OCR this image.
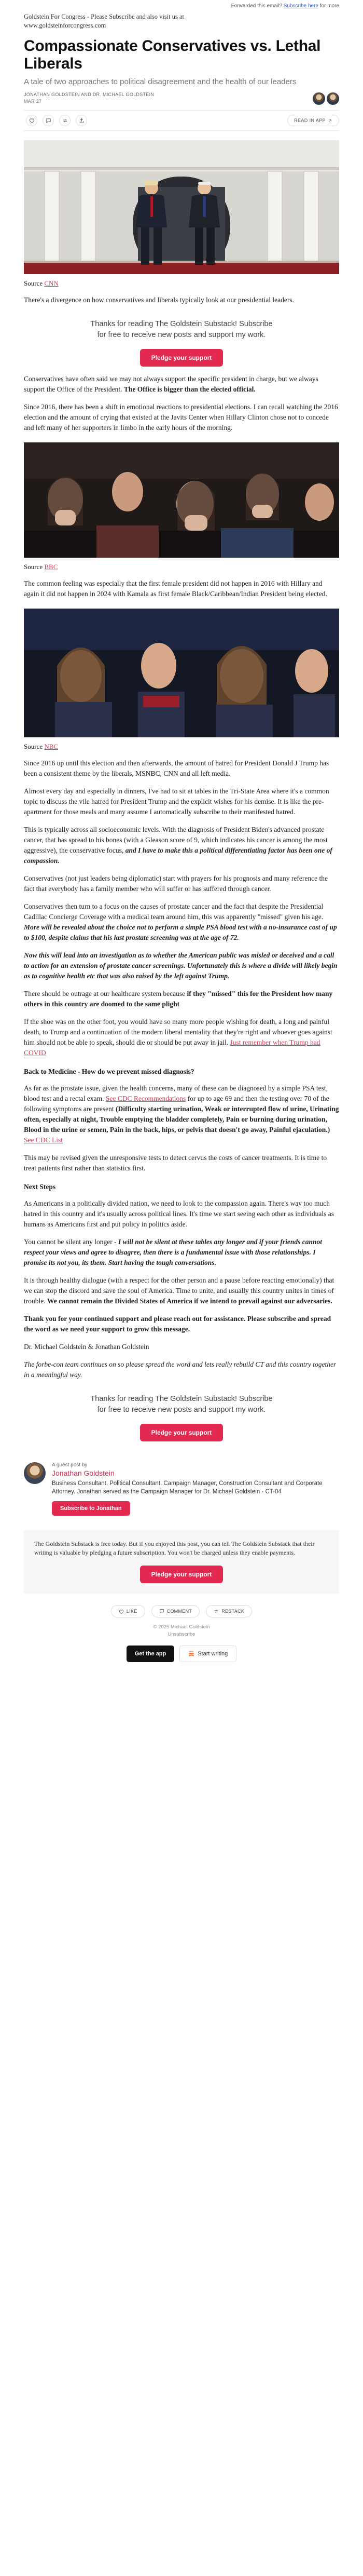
Forwarded this email? Subscribe here for more
Goldstein For Congress - Please Subscribe and also visit us at
www.goldsteinforcongress.com
Compassionate Conservatives vs. Lethal Liberals
A tale of two approaches to political disagreement and the health of our leaders
JONATHAN GOLDSTEIN AND DR. MICHAEL GOLDSTEIN
MAR 27
READ IN APP
Source CNN

There's a divergence on how conservatives and liberals typically look at our presidential leaders.

Thanks for reading The Goldstein Substack! Subscribe for free to receive new posts and support my work.
Pledge your support

Conservatives have often said we may not always support the specific president in charge, but we always support the Office of the President. The Office is bigger than the elected official.

Since 2016, there has been a shift in emotional reactions to presidential elections. I can recall watching the 2016 election and the amount of crying that existed at the Javits Center when Hillary Clinton chose not to concede and left many of her supporters in limbo in the early hours of the morning.

Source BBC

The common feeling was especially that the first female president did not happen in 2016 with Hillary and again it did not happen in 2024 with Kamala as first female Black/Caribbean/Indian President being elected.

Source NBC

Since 2016 up until this election and then afterwards, the amount of hatred for President Donald J Trump has been a consistent theme by the liberals, MSNBC, CNN and all left media.

Almost every day and especially in dinners, I've had to sit at tables in the Tri-State Area where it's a common topic to discuss the vile hatred for President Trump and the explicit wishes for his demise. It is like the pre-apartment for those meals and many assume I automatically subscribe to their manifested hatred.

This is typically across all socioeconomic levels. With the diagnosis of President Biden's advanced prostate cancer, that has spread to his bones (with a Gleason score of 9, which indicates his cancer is among the most aggressive), the conservative focus, and I have to make this a political differentiating factor has been one of compassion.

Conservatives (not just leaders being diplomatic) start with prayers for his prognosis and many reference the fact that everybody has a family member who will suffer or has suffered through cancer.

Conservatives then turn to a focus on the causes of prostate cancer and the fact that despite the Presidential Cadillac Concierge Coverage with a medical team around him, this was apparently "missed" given his age. More will be revealed about the choice not to perform a simple PSA blood test with a no-insurance cost of up to $100, despite claims that his last prostate screening was at the age of 72.

Now this will lead into an investigation as to whether the American public was misled or deceived and a call to action for an extension of prostate cancer screenings. Unfortunately this is where a divide will likely begin as to cognitive health etc that was also raised by the left against Trump.

There should be outrage at our healthcare system because if they "missed" this for the President how many others in this country are doomed to the same plight

If the shoe was on the other foot, you would have so many more people wishing for death, a long and painful death, to Trump and a continuation of the modern liberal mentality that they're right and whoever goes against him should not be able to speak, should die or should be put away in jail. Just remember when Trump had COVID

Back to Medicine - How do we prevent missed diagnosis?

As far as the prostate issue, given the health concerns, many of these can be diagnosed by a simple PSA test, blood test and a rectal exam. See CDC Recommendations for up to age 69 and then the testing over 70 of the following symptoms are present (Difficulty starting urination, Weak or interrupted flow of urine, Urinating often, especially at night, Trouble emptying the bladder completely, Pain or burning during urination, Blood in the urine or semen, Pain in the back, hips, or pelvis that doesn't go away, Painful ejaculation.) See CDC List

This may be revised given the unresponsive tests to detect cervus the costs of cancer treatments. It is time to treat patients first rather than statistics first.

Next Steps

As Americans in a politically divided nation, we need to look to the compassion again. There's way too much hatred in this country and it's usually across political lines. It's time we start seeing each other as individuals as humans as Americans first and put policy in politics aside.

You cannot be silent any longer - I will not be silent at these tables any longer and if your friends cannot respect your views and agree to disagree, then there is a fundamental issue with those relationships. I promise its not you, its them. Start having the tough conversations.

It is through healthy dialogue (with a respect for the other person and a pause before reacting emotionally) that we can stop the discord and save the soul of America. Time to unite, and usually this country unites in times of trouble. We cannot remain the Divided States of America if we intend to prevail against our adversaries.

Thank you for your continued support and please reach out for assistance. Please subscribe and spread the word as we need your support to grow this message.

Dr. Michael Goldstein & Jonathan Goldstein

The forbe-con team continues on so please spread the word and lets really rebuild CT and this country together in a meaningful way.

Thanks for reading The Goldstein Substack! Subscribe for free to receive new posts and support my work.
Pledge your support
A guest post by
Jonathan Goldstein
Business Consultant, Political Consultant, Campaign Manager, Construction Consultant and Corporate Attorney. Jonathan served as the Campaign Manager for Dr. Michael Goldstein - CT-04
Subscribe to Jonathan
The Goldstein Substack is free today. But if you enjoyed this post, you can tell The Goldstein Substack that their writing is valuable by pledging a future subscription. You won't be charged unless they enable payments.
Pledge your support
LIKE	COMMENT	RESTACK
© 2025 Michael Goldstein
Unsubscribe
Get the app	Start writing
